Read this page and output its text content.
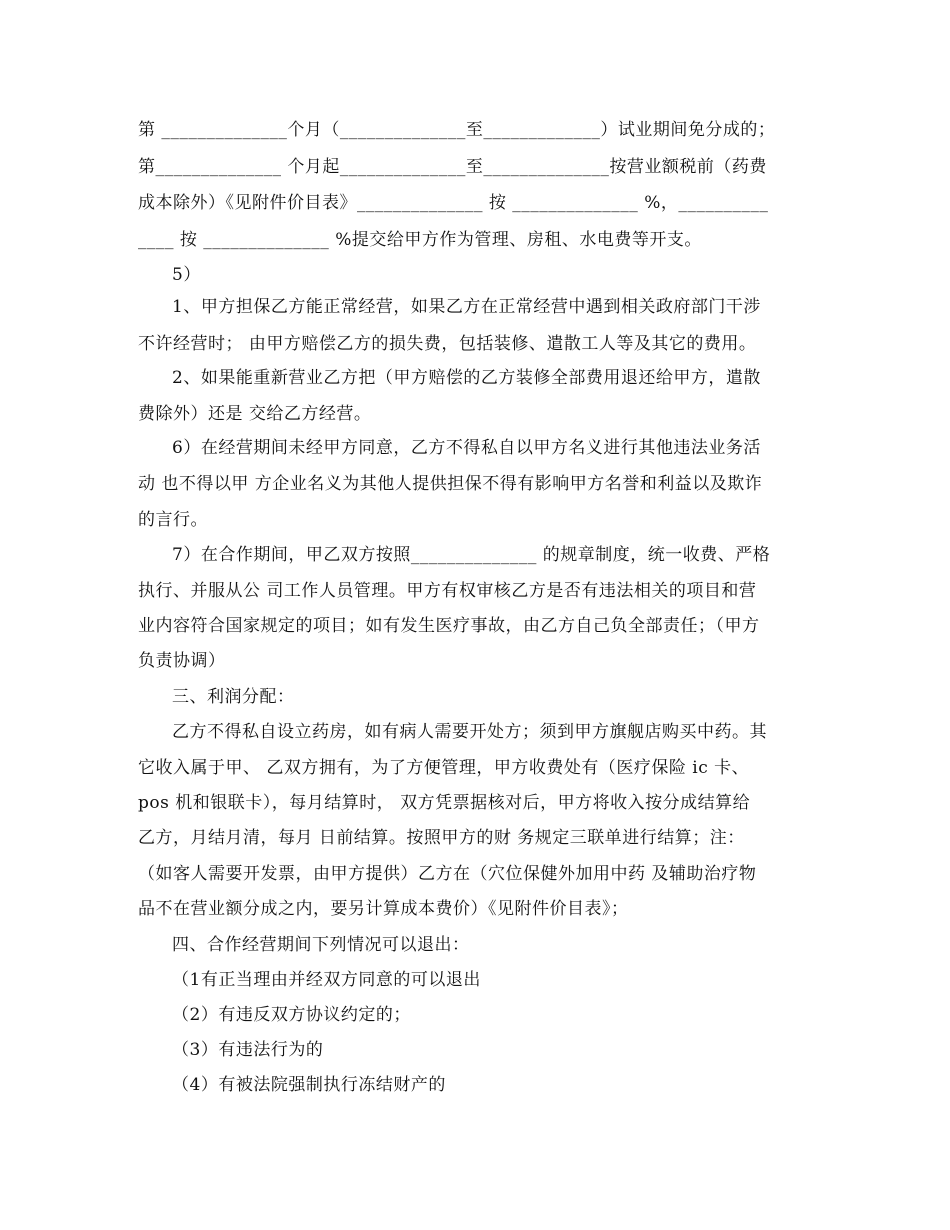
第 ______________个月（______________至_____________）试业期间免分成的；
第______________ 个月起______________至______________按营业额税前（药费
成本除外）《见附件价目表》______________ 按 ______________ %，__________
____ 按 ______________ %提交给甲方作为管理、房租、水电费等开支。
5）
1、甲方担保乙方能正常经营，如果乙方在正常经营中遇到相关政府部门干涉
不许经营时； 由甲方赔偿乙方的损失费，包括装修、遣散工人等及其它的费用。
2、如果能重新营业乙方把（甲方赔偿的乙方装修全部费用退还给甲方，遣散
费除外）还是 交给乙方经营。
6）在经营期间未经甲方同意，乙方不得私自以甲方名义进行其他违法业务活
动 也不得以甲 方企业名义为其他人提供担保不得有影响甲方名誉和利益以及欺诈
的言行。
7）在合作期间，甲乙双方按照______________ 的规章制度，统一收费、严格
执行、并服从公 司工作人员管理。甲方有权审核乙方是否有违法相关的项目和营
业内容符合国家规定的项目；如有发生医疗事故，由乙方自己负全部责任；（甲方
负责协调）
三、利润分配：
乙方不得私自设立药房，如有病人需要开处方；须到甲方旗舰店购买中药。其
它收入属于甲、 乙双方拥有，为了方便管理，甲方收费处有（医疗保险 ic 卡、
pos 机和银联卡），每月结算时， 双方凭票据核对后，甲方将收入按分成结算给
乙方，月结月清，每月 日前结算。按照甲方的财 务规定三联单进行结算；注：
（如客人需要开发票，由甲方提供）乙方在（穴位保健外加用中药 及辅助治疗物
品不在营业额分成之内，要另计算成本费价）《见附件价目表》；
四、合作经营期间下列情况可以退出：
（1有正当理由并经双方同意的可以退出
（2）有违反双方协议约定的；
（3）有违法行为的
（4）有被法院强制执行冻结财产的
